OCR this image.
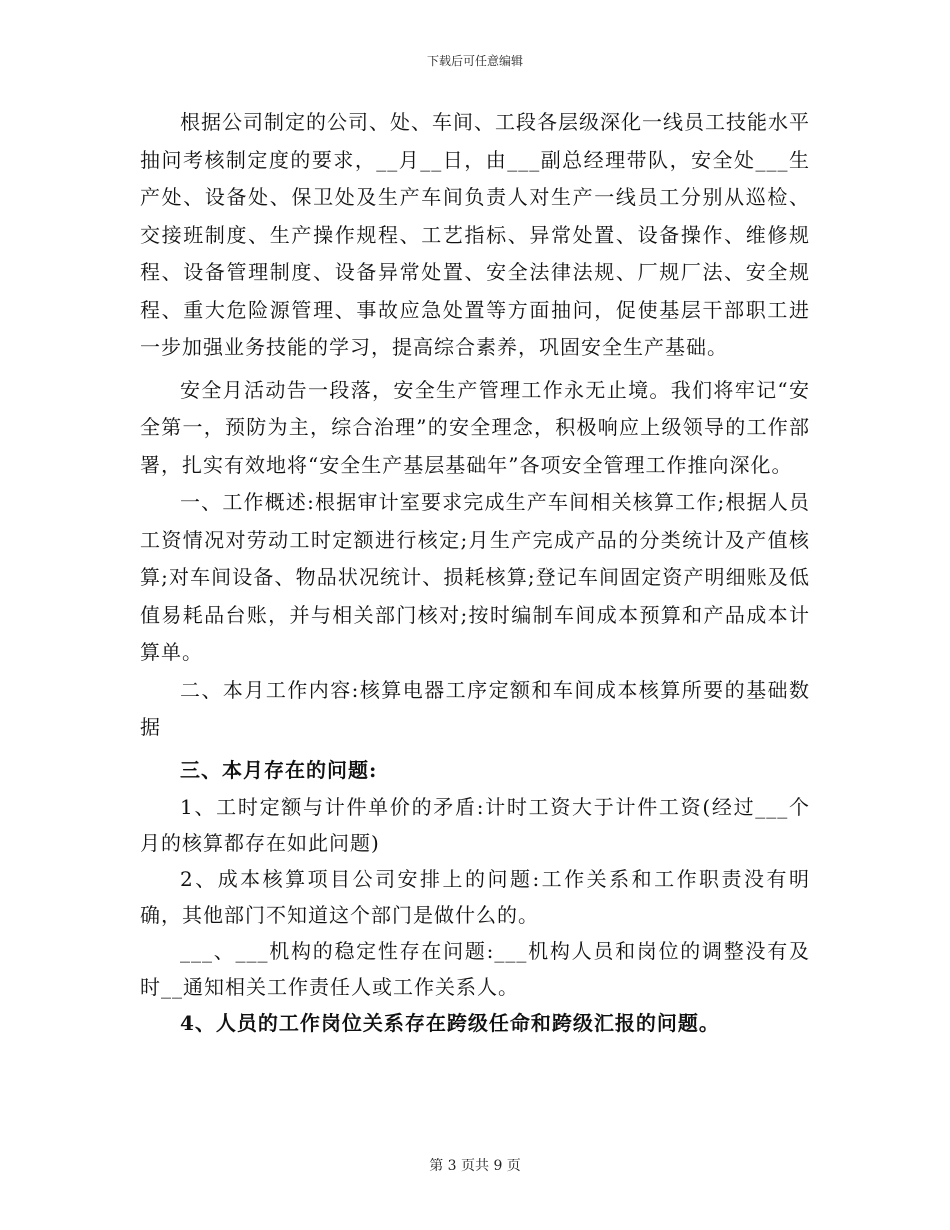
下载后可任意编辑

根据公司制定的公司、处、车间、工段各层级深化一线员工技能水平抽问考核制定度的要求，__月__日，由___副总经理带队，安全处___生产处、设备处、保卫处及生产车间负责人对生产一线员工分别从巡检、交接班制度、生产操作规程、工艺指标、异常处置、设备操作、维修规程、设备管理制度、设备异常处置、安全法律法规、厂规厂法、安全规程、重大危险源管理、事故应急处置等方面抽问，促使基层干部职工进一步加强业务技能的学习，提高综合素养，巩固安全生产基础。

安全月活动告一段落，安全生产管理工作永无止境。我们将牢记“安全第一，预防为主，综合治理”的安全理念，积极响应上级领导的工作部署，扎实有效地将“安全生产基层基础年”各项安全管理工作推向深化。

一、工作概述:根据审计室要求完成生产车间相关核算工作;根据人员工资情况对劳动工时定额进行核定;月生产完成产品的分类统计及产值核算;对车间设备、物品状况统计、损耗核算;登记车间固定资产明细账及低值易耗品台账，并与相关部门核对;按时编制车间成本预算和产品成本计算单。

二、本月工作内容:核算电器工序定额和车间成本核算所要的基础数据

三、本月存在的问题:

1、工时定额与计件单价的矛盾:计时工资大于计件工资(经过___个月的核算都存在如此问题)

2、成本核算项目公司安排上的问题:工作关系和工作职责没有明确，其他部门不知道这个部门是做什么的。

___、___机构的稳定性存在问题:___机构人员和岗位的调整没有及时__通知相关工作责任人或工作关系人。

4、人员的工作岗位关系存在跨级任命和跨级汇报的问题。

第 3 页共 9 页
